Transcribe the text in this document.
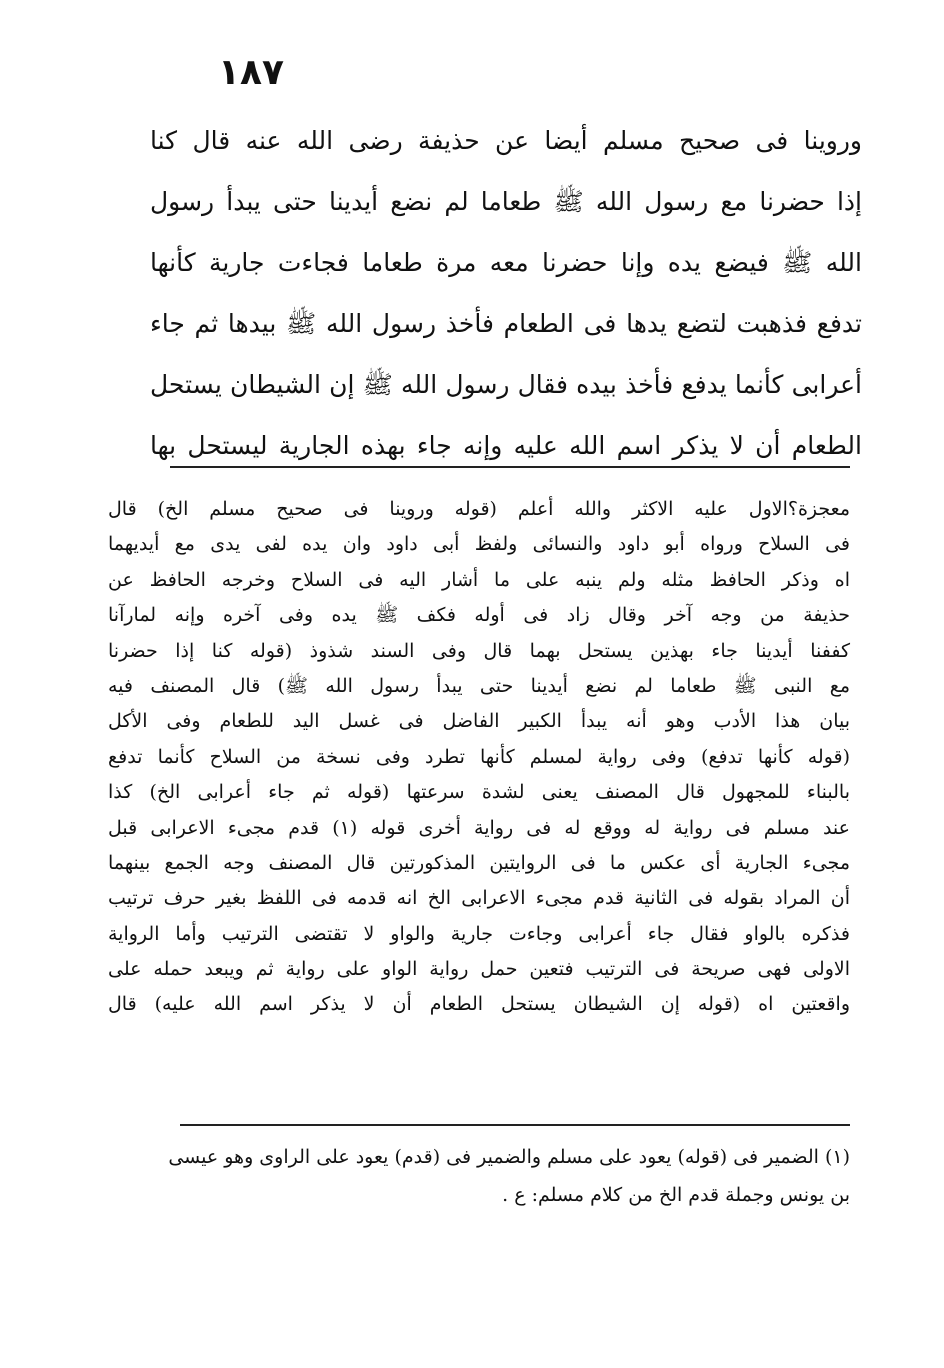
١٨٧
وروينا فى صحيح مسلم أيضا عن حذيفة رضى الله عنه قال كنا
إذا حضرنا مع رسول الله ﷺ طعاما لم نضع أيدينا حتى يبدأ رسول
الله ﷺ فيضع يده وإنا حضرنا معه مرة طعاما فجاءت جارية كأنها
تدفع فذهبت لتضع يدها فى الطعام فأخذ رسول الله ﷺ بيدها ثم جاء
أعرابى كأنما يدفع فأخذ بيده فقال رسول الله ﷺ إن الشيطان يستحل
الطعام أن لا يذكر اسم الله عليه وإنه جاء بهذه الجارية ليستحل بها
معجزة؟الاول عليه الاكثر والله أعلم (قوله وروينا فى صحيح مسلم الخ) قال
فى السلاح ورواه أبو داود والنسائى ولفظ أبى داود وان يده لفى يدى مع أيديهما
اه وذكر الحافظ مثله ولم ينبه على ما أشار اليه فى السلاح وخرجه الحافظ عن
حذيفة من وجه آخر وقال زاد فى أوله فكف ﷺ يده وفى آخره وإنه لمارآنا
كففنا أيدينا جاء بهذين يستحل بهما قال وفى السند شذوذ (قوله كنا إذا حضرنا
مع النبى ﷺ طعاما لم نضع أيدينا حتى يبدأ رسول الله ﷺ) قال المصنف فيه
بيان هذا الأدب وهو أنه يبدأ الكبير الفاضل فى غسل اليد للطعام وفى الأكل
(قوله كأنها تدفع) وفى رواية لمسلم كأنها تطرد وفى نسخة من السلاح كأنما تدفع
بالبناء للمجهول قال المصنف يعنى لشدة سرعتها (قوله ثم جاء أعرابى الخ) كذا
عند مسلم فى رواية له ووقع له فى رواية أخرى قوله (١) قدم مجىء الاعرابى قبل
مجىء الجارية أى عكس ما فى الروايتين المذكورتين قال المصنف وجه الجمع بينهما
أن المراد بقوله فى الثانية قدم مجىء الاعرابى الخ انه قدمه فى اللفظ بغير حرف ترتيب
فذكره بالواو فقال جاء أعرابى وجاءت جارية والواو لا تقتضى الترتيب وأما الرواية
الاولى فهى صريحة فى الترتيب فتعين حمل رواية الواو على رواية ثم ويبعد حمله على
واقعتين اه (قوله إن الشيطان يستحل الطعام أن لا يذكر اسم الله عليه) قال
(١) الضمير فى (قوله) يعود على مسلم والضمير فى (قدم) يعود على الراوى وهو عيسى
بن يونس وجملة قدم الخ من كلام مسلم: ع .
